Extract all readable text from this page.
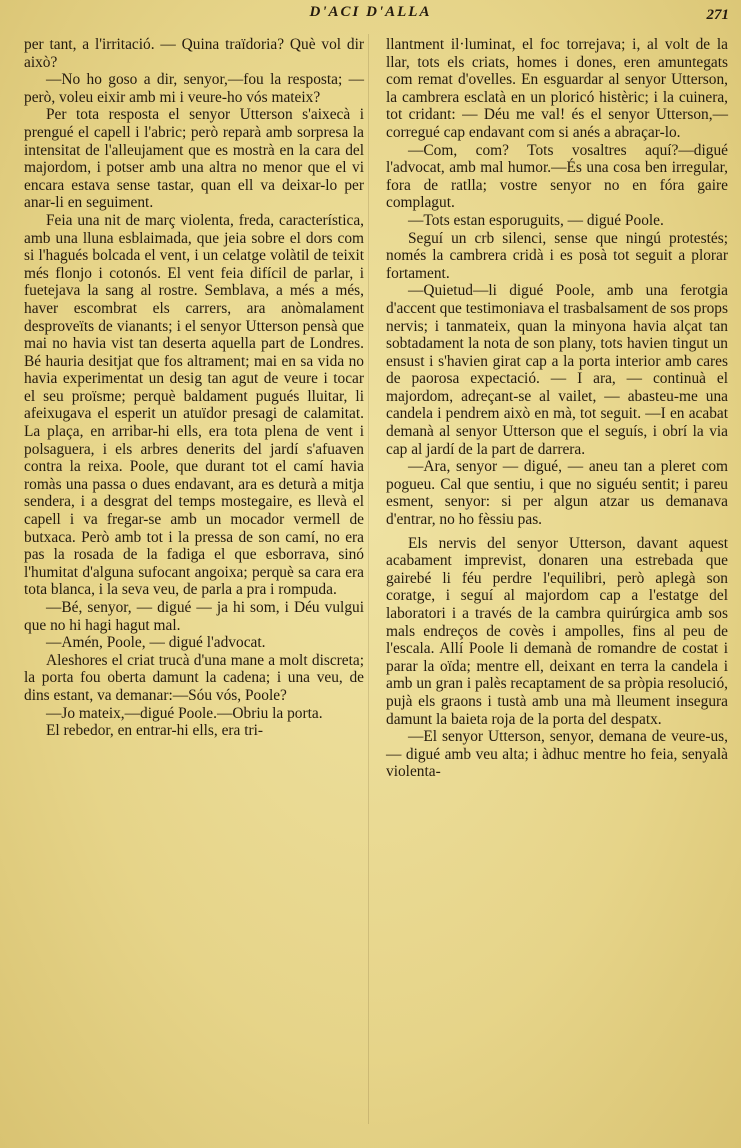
D'ACI D'ALLA	271

per tant, a l'irritació. — Quina traïdoria? Què vol dir això?

—No ho goso a dir, senyor,—fou la resposta; — però, voleu eixir amb mi i veure-ho vós mateix?

Per tota resposta el senyor Utterson s'aixecà i prengué el capell i l'abric; però reparà amb sorpresa la intensitat de l'alleujament que es mostrà en la cara del majordom, i potser amb una altra no menor que el vi encara estava sense tastar, quan ell va deixar-lo per anar-li en seguiment.

Feia una nit de març violenta, freda, característica, amb una lluna esblaimada, que jeia sobre el dors com si l'hagués bolcada el vent, i un celatge volàtil de teixit més flonjo i cotonós. El vent feia difícil de parlar, i fuetejava la sang al rostre. Semblava, a més a més, haver escombrat els carrers, ara anòmalament desproveïts de vianants; i el senyor Utterson pensà que mai no havia vist tan deserta aquella part de Londres. Bé hauria desitjat que fos altrament; mai en sa vida no havia experimentat un desig tan agut de veure i tocar el seu proïsme; perquè baldament pugués lluitar, li afeixugava el esperit un atuïdor presagi de calamitat. La plaça, en arribar-hi ells, era tota plena de vent i polsaguera, i els arbres denerits del jardí s'afuaven contra la reixa. Poole, que durant tot el camí havia romàs una passa o dues endavant, ara es deturà a mitja sendera, i a desgrat del temps mostegaire, es llevà el capell i va fregar-se amb un mocador vermell de butxaca. Però amb tot i la pressa de son camí, no era pas la rosada de la fadiga el que esborrava, sinó l'humitat d'alguna sufocant angoixa; perquè sa cara era tota blanca, i la seva veu, de parla a pra i rompuda.

—Bé, senyor, — digué — ja hi som, i Déu vulgui que no hi hagi hagut mal.

—Amén, Poole, — digué l'advocat.

Aleshores el criat trucà d'una mane a molt discreta; la porta fou oberta damunt la cadena; i una veu, de dins estant, va demanar:—Sóu vós, Poole?

—Jo mateix,—digué Poole.—Obriu la porta.

El rebedor, en entrar-hi ells, era tri-

llantment il·luminat, el foc torrejava; i, al volt de la llar, tots els criats, homes i dones, eren amuntegats com remat d'ovelles. En esguardar al senyor Utterson, la cambrera esclatà en un ploricó histèric; i la cuinera, tot cridant: — Déu me val! és el senyor Utterson,—corregué cap endavant com si anés a abraçar-lo.

—Com, com? Tots vosaltres aquí?—digué l'advocat, amb mal humor.—És una cosa ben irregular, fora de ratlla; vostre senyor no en fóra gaire complagut.

—Tots estan esporuguits, — digué Poole.

Seguí un crb silenci, sense que ningú protestés; només la cambrera cridà i es posà tot seguit a plorar fortament.

—Quietud—li digué Poole, amb una ferotgia d'accent que testimoniava el trasbalsament de sos props nervis; i tanmateix, quan la minyona havia alçat tan sobtadament la nota de son plany, tots havien tingut un ensust i s'havien girat cap a la porta interior amb cares de paorosa expectació. — I ara, — continuà el majordom, adreçant-se al vailet, — abasteu-me una candela i pendrem això en mà, tot seguit. —I en acabat demanà al senyor Utterson que el seguís, i obrí la via cap al jardí de la part de darrera.

—Ara, senyor — digué, — aneu tan a pleret com pogueu. Cal que sentiu, i que no siguéu sentit; i pareu esment, senyor: si per algun atzar us demanava d'entrar, no ho fèssiu pas.

Els nervis del senyor Utterson, davant aquest acabament imprevist, donaren una estrebada que gairebé li féu perdre l'equilibri, però aplegà son coratge, i seguí al majordom cap a l'estatge del laboratori i a través de la cambra quirúrgica amb sos mals endreços de covès i ampolles, fins al peu de l'escala. Allí Poole li demanà de romandre de costat i parar la oïda; mentre ell, deixant en terra la candela i amb un gran i palès recaptament de sa pròpia resolució, pujà els graons i tustà amb una mà lleument insegura damunt la baieta roja de la porta del despatx.

—El senyor Utterson, senyor, demana de veure-us, — digué amb veu alta; i àdhuc mentre ho feia, senyalà violenta-
